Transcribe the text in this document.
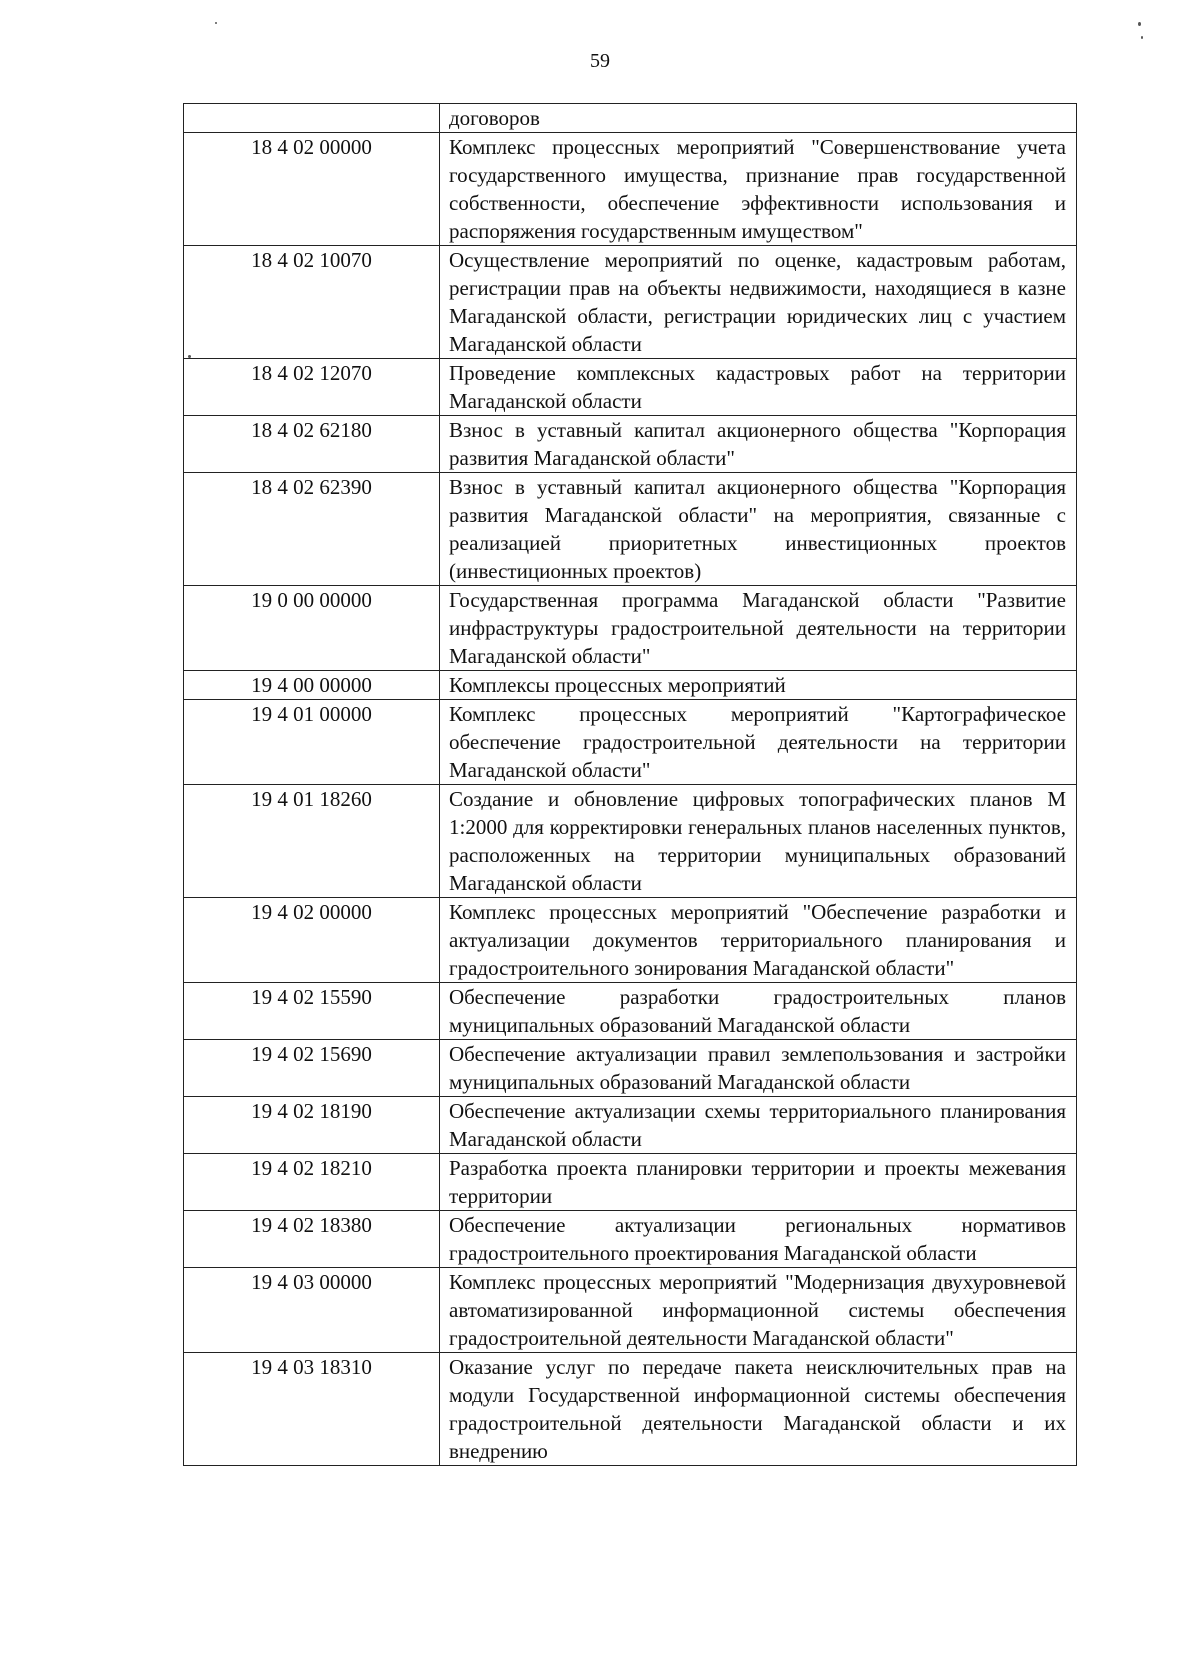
59
	договоров
18 4 02 00000	Комплекс процессных мероприятий "Совершенствование учета государственного имущества, признание прав государственной собственности, обеспечение эффективности использования и распоряжения государственным имуществом"
18 4 02 10070	Осуществление мероприятий по оценке, кадастровым работам, регистрации прав на объекты недвижимости, находящиеся в казне Магаданской области, регистрации юридических лиц с участием Магаданской области
18 4 02 12070	Проведение комплексных кадастровых работ на территории Магаданской области
18 4 02 62180	Взнос в уставный капитал акционерного общества "Корпорация развития Магаданской области"
18 4 02 62390	Взнос в уставный капитал акционерного общества "Корпорация развития Магаданской области" на мероприятия, связанные с реализацией приоритетных инвестиционных проектов (инвестиционных проектов)
19 0 00 00000	Государственная программа Магаданской области "Развитие инфраструктуры градостроительной деятельности на территории Магаданской области"
19 4 00 00000	Комплексы процессных мероприятий
19 4 01 00000	Комплекс процессных мероприятий "Картографическое обеспечение градостроительной деятельности на территории Магаданской области"
19 4 01 18260	Создание и обновление цифровых топографических планов М 1:2000 для корректировки генеральных планов населенных пунктов, расположенных на территории муниципальных образований Магаданской области
19 4 02 00000	Комплекс процессных мероприятий "Обеспечение разработки и актуализации документов территориального планирования и градостроительного зонирования Магаданской области"
19 4 02 15590	Обеспечение разработки градостроительных планов муниципальных образований Магаданской области
19 4 02 15690	Обеспечение актуализации правил землепользования и застройки муниципальных образований Магаданской области
19 4 02 18190	Обеспечение актуализации схемы территориального планирования Магаданской области
19 4 02 18210	Разработка проекта планировки территории и проекты межевания территории
19 4 02 18380	Обеспечение актуализации региональных нормативов градостроительного проектирования Магаданской области
19 4 03 00000	Комплекс процессных мероприятий "Модернизация двухуровневой автоматизированной информационной системы обеспечения градостроительной деятельности Магаданской области"
19 4 03 18310	Оказание услуг по передаче пакета неисключительных прав на модули Государственной информационной системы обеспечения градостроительной деятельности Магаданской области и их внедрению
